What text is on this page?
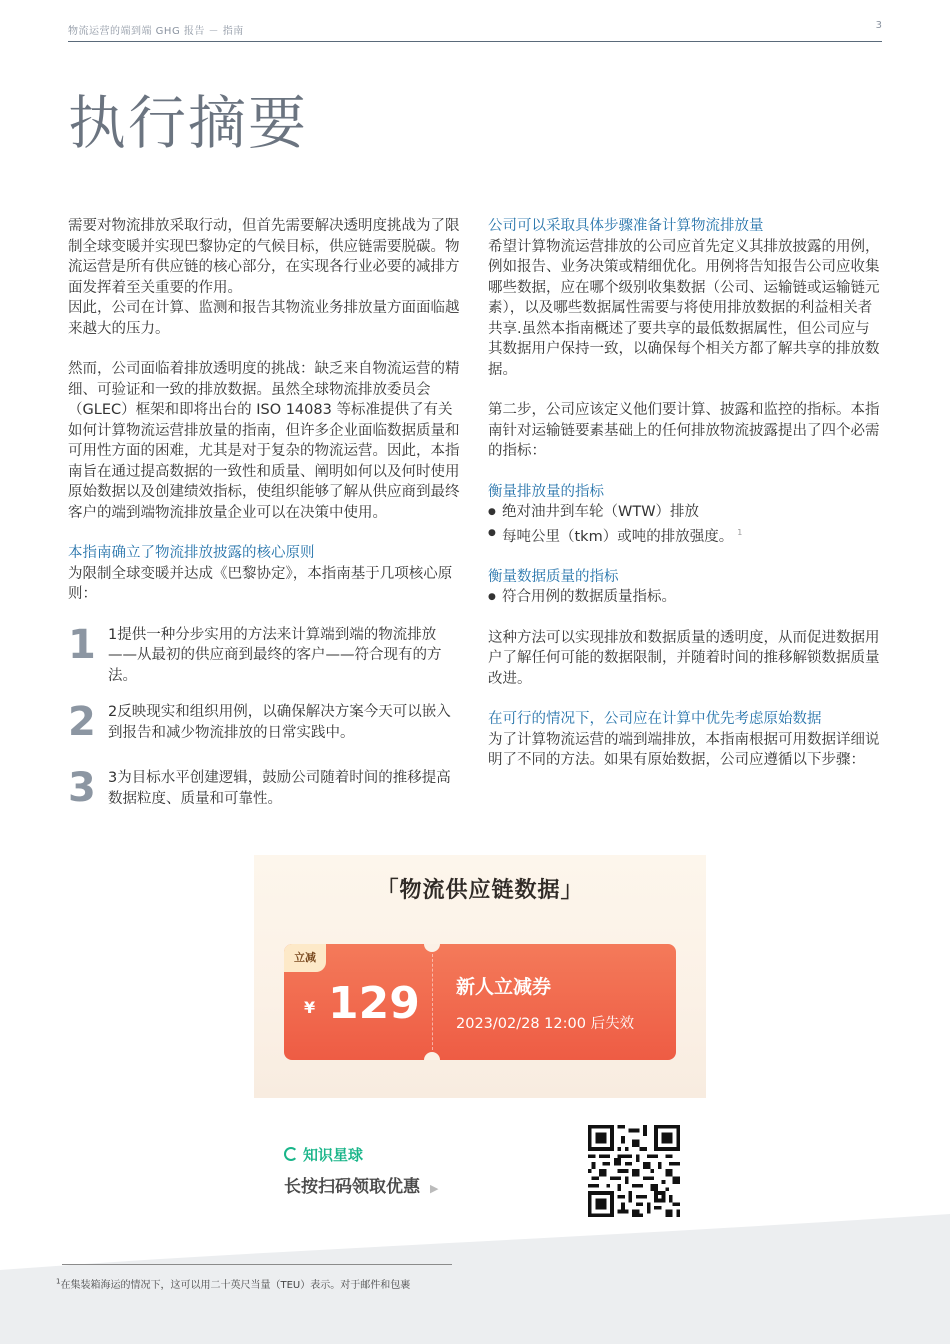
物流运营的端到端 GHG 报告 － 指南
3
执行摘要

需要对物流排放采取行动，但首先需要解决透明度挑战为了限制全球变暖并实现巴黎协定的气候目标，供应链需要脱碳。物流运营是所有供应链的核心部分，在实现各行业必要的减排方面发挥着至关重要的作用。

因此，公司在计算、监测和报告其物流业务排放量方面面临越来越大的压力。

然而，公司面临着排放透明度的挑战：缺乏来自物流运营的精细、可验证和一致的排放数据。虽然全球物流排放委员会（GLEC）框架和即将出台的 ISO 14083 等标准提供了有关如何计算物流运营排放量的指南，但许多企业面临数据质量和可用性方面的困难，尤其是对于复杂的物流运营。因此，本指南旨在通过提高数据的一致性和质量、阐明如何以及何时使用原始数据以及创建绩效指标，使组织能够了解从供应商到最终客户的端到端物流排放量企业可以在决策中使用。

本指南确立了物流排放披露的核心原则

为限制全球变暖并达成《巴黎协定》，本指南基于几项核心原则：

1 1提供一种分步实用的方法来计算端到端的物流排放——从最初的供应商到最终的客户——符合现有的方法。

2 2反映现实和组织用例，以确保解决方案今天可以嵌入到报告和减少物流排放的日常实践中。

3 3为目标水平创建逻辑，鼓励公司随着时间的推移提高数据粒度、质量和可靠性。

公司可以采取具体步骤准备计算物流排放量

希望计算物流运营排放的公司应首先定义其排放披露的用例，例如报告、业务决策或精细优化。用例将告知报告公司应收集哪些数据，应在哪个级别收集数据（公司、运输链或运输链元素），以及哪些数据属性需要与将使用排放数据的利益相关者共享.虽然本指南概述了要共享的最低数据属性，但公司应与其数据用户保持一致，以确保每个相关方都了解共享的排放数据。

第二步，公司应该定义他们要计算、披露和监控的指标。本指南针对运输链要素基础上的任何排放物流披露提出了四个必需的指标：

衡量排放量的指标

● 绝对油井到车轮（WTW）排放
● 每吨公里（tkm）或吨的排放强度。 $^1$

衡量数据质量的指标

● 符合用例的数据质量指标。

这种方法可以实现排放和数据质量的透明度，从而促进数据用户了解任何可能的数据限制，并随着时间的推移解锁数据质量改进。

在可行的情况下，公司应在计算中优先考虑原始数据

为了计算物流运营的端到端排放，本指南根据可用数据详细说明了不同的方法。如果有原始数据，公司应遵循以下步骤：

「物流供应链数据」
立减
¥ 129 新人立减券
2023/02/28 12:00 后失效
知识星球
长按扫码领取优惠 ▶
$^1$在集装箱海运的情况下，这可以用二十英尺当量（TEU）表示。对于邮件和包裹
